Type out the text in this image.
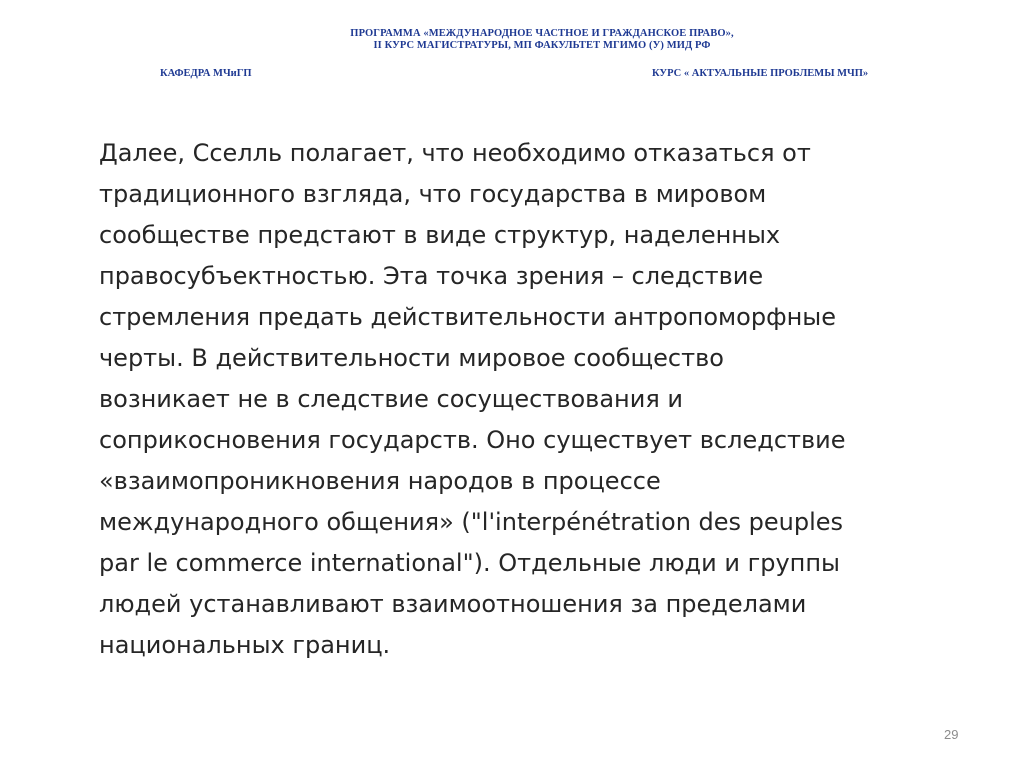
ПРОГРАММА «МЕЖДУНАРОДНОЕ ЧАСТНОЕ И ГРАЖДАНСКОЕ ПРАВО»,
II КУРС МАГИСТРАТУРЫ, МП ФАКУЛЬТЕТ МГИМО (У) МИД РФ
КАФЕДРА МЧиГП	КУРС « АКТУАЛЬНЫЕ ПРОБЛЕМЫ МЧП»
Далее, Сселль полагает, что необходимо отказаться от
традиционного взгляда, что государства в мировом
сообществе предстают в виде структур, наделенных
правосубъектностью. Эта точка зрения – следствие
стремления предать действительности антропоморфные
черты. В действительности мировое сообщество
возникает не в следствие сосуществования и
соприкосновения государств. Оно существует вследствие
«взаимопроникновения народов в процессе
международного общения» ("l'interpénétration des peuples
par le commerce international"). Отдельные люди и группы
людей устанавливают взаимоотношения за пределами
национальных границ.
29
